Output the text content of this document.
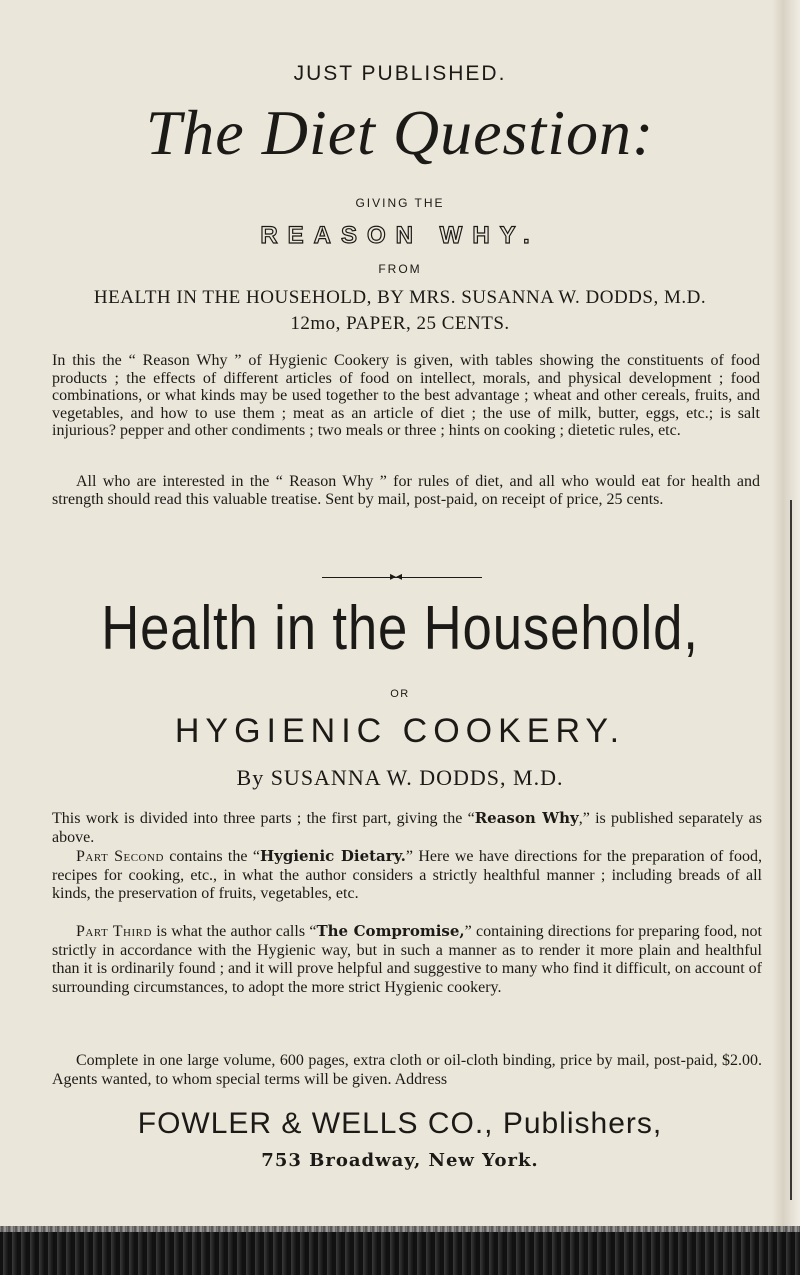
JUST PUBLISHED.
The Diet Question:
GIVING THE
REASON WHY.
FROM
HEALTH IN THE HOUSEHOLD, BY MRS. SUSANNA W. DODDS, M.D.
12mo, PAPER, 25 CENTS.
In this the “ Reason Why ” of Hygienic Cookery is given, with tables showing the constituents of food products ; the effects of different articles of food on intellect, morals, and physical development ; food combinations, or what kinds may be used together to the best advantage ; wheat and other cereals, fruits, and vegetables, and how to use them ; meat as an article of diet ; the use of milk, butter, eggs, etc.; is salt injurious? pepper and other condiments ; two meals or three ; hints on cooking ; dietetic rules, etc.
All who are interested in the “ Reason Why ” for rules of diet, and all who would eat for health and strength should read this valuable treatise. Sent by mail, post-paid, on receipt of price, 25 cents.
▸◂
Health in the Household,
OR
HYGIENIC COOKERY.
By SUSANNA W. DODDS, M.D.
This work is divided into three parts ; the first part, giving the “Reason Why,” is published separately as above.
Part Second contains the “Hygienic Dietary.” Here we have directions for the preparation of food, recipes for cooking, etc., in what the author considers a strictly healthful manner ; including breads of all kinds, the preservation of fruits, vegetables, etc.
Part Third is what the author calls “The Compromise,” containing directions for preparing food, not strictly in accordance with the Hygienic way, but in such a manner as to render it more plain and healthful than it is ordinarily found ; and it will prove helpful and suggestive to many who find it difficult, on account of surrounding circumstances, to adopt the more strict Hygienic cookery.
Complete in one large volume, 600 pages, extra cloth or oil-cloth binding, price by mail, post-paid, $2.00. Agents wanted, to whom special terms will be given. Address
FOWLER & WELLS CO., Publishers,
753 Broadway, New York.
